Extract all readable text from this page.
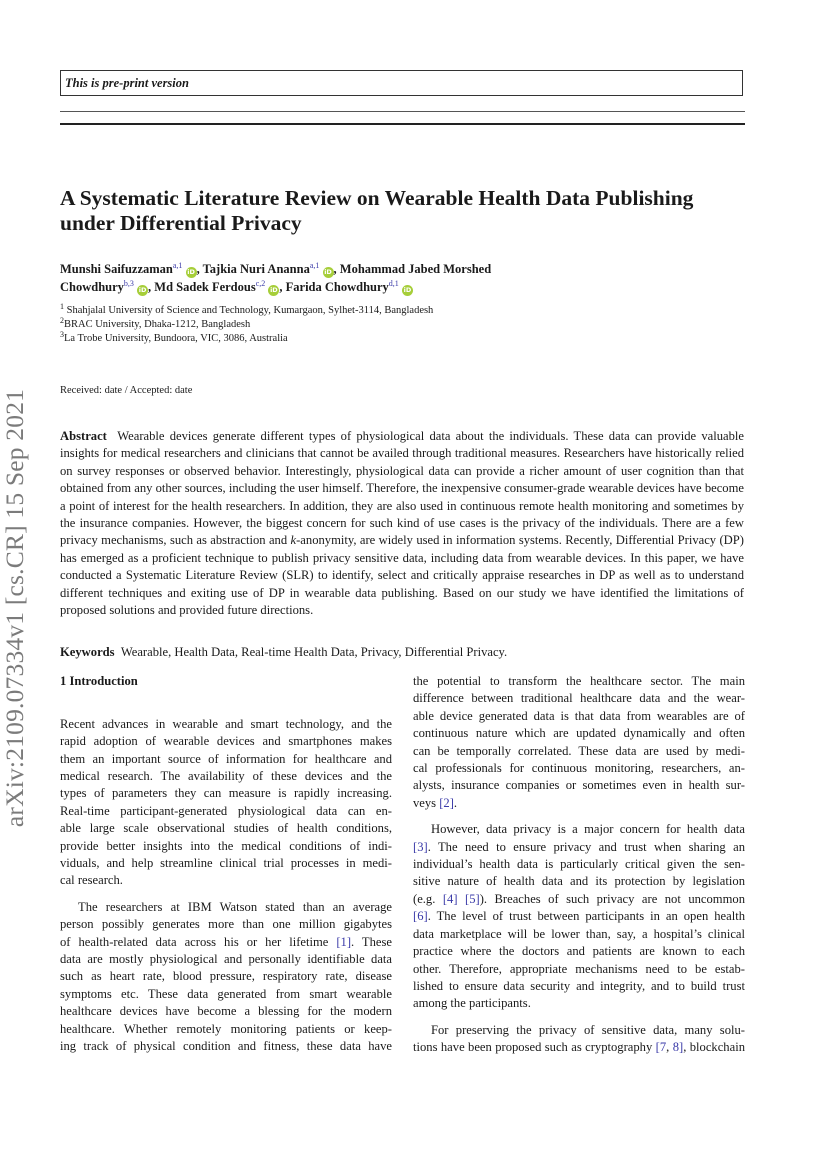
This is pre-print version
arXiv:2109.07334v1 [cs.CR] 15 Sep 2021
A Systematic Literature Review on Wearable Health Data Publishing
under Differential Privacy
Munshi Saifuzzaman$^{a,1}$ iD , Tajkia Nuri Ananna$^{a,1}$ iD , Mohammad Jabed Morshed
Chowdhury$^{b,3}$ iD , Md Sadek Ferdous$^{c,2}$ iD , Farida Chowdhury$^{d,1}$ iD
$^1$ Shahjalal University of Science and Technology, Kumargaon, Sylhet-3114, Bangladesh
$^2$BRAC University, Dhaka-1212, Bangladesh
$^3$La Trobe University, Bundoora, VIC, 3086, Australia
Received: date / Accepted: date
Abstract Wearable devices generate different types of physiological data about the individuals. These data can provide valuable insights for medical researchers and clinicians that cannot be availed through traditional measures. Researchers have historically relied on survey responses or observed behavior. Interestingly, physiological data can provide a richer amount of user cognition than that obtained from any other sources, including the user himself. Therefore, the inexpensive consumer-grade wearable devices have become a point of interest for the health researchers. In addition, they are also used in continuous remote health monitoring and sometimes by the insurance companies. However, the biggest concern for such kind of use cases is the privacy of the individuals. There are a few privacy mechanisms, such as abstraction and k-anonymity, are widely used in information systems. Recently, Differential Privacy (DP) has emerged as a proficient technique to publish privacy sensitive data, including data from wearable devices. In this paper, we have conducted a Systematic Literature Review (SLR) to identify, select and critically appraise researches in DP as well as to understand different techniques and exiting use of DP in wearable data publishing. Based on our study we have identified the limitations of proposed solutions and provided future directions.
Keywords Wearable, Health Data, Real-time Health Data, Privacy, Differential Privacy.
1 Introduction
Recent advances in wearable and smart technology, and the
rapid adoption of wearable devices and smartphones makes
them an important source of information for healthcare and
medical research. The availability of these devices and the
types of parameters they can measure is rapidly increasing.
Real-time participant-generated physiological data can en-
able large scale observational studies of health conditions,
provide better insights into the medical conditions of indi-
viduals, and help streamline clinical trial processes in medi-
cal research.
The researchers at IBM Watson stated than an average
person possibly generates more than one million gigabytes
of health-related data across his or her lifetime [1]. These
data are mostly physiological and personally identifiable data
such as heart rate, blood pressure, respiratory rate, disease
symptoms etc. These data generated from smart wearable
healthcare devices have become a blessing for the modern
healthcare. Whether remotely monitoring patients or keep-
ing track of physical condition and fitness, these data have
the potential to transform the healthcare sector. The main
difference between traditional healthcare data and the wear-
able device generated data is that data from wearables are of
continuous nature which are updated dynamically and often
can be temporally correlated. These data are used by medi-
cal professionals for continuous monitoring, researchers, an-
alysts, insurance companies or sometimes even in health sur-
veys [2].
However, data privacy is a major concern for health data
[3]. The need to ensure privacy and trust when sharing an
individual’s health data is particularly critical given the sen-
sitive nature of health data and its protection by legislation
(e.g. [4] [5]). Breaches of such privacy are not uncommon
[6]. The level of trust between participants in an open health
data marketplace will be lower than, say, a hospital’s clinical
practice where the doctors and patients are known to each
other. Therefore, appropriate mechanisms need to be estab-
lished to ensure data security and integrity, and to build trust
among the participants.
For preserving the privacy of sensitive data, many solu-
tions have been proposed such as cryptography [7, 8], blockchain
